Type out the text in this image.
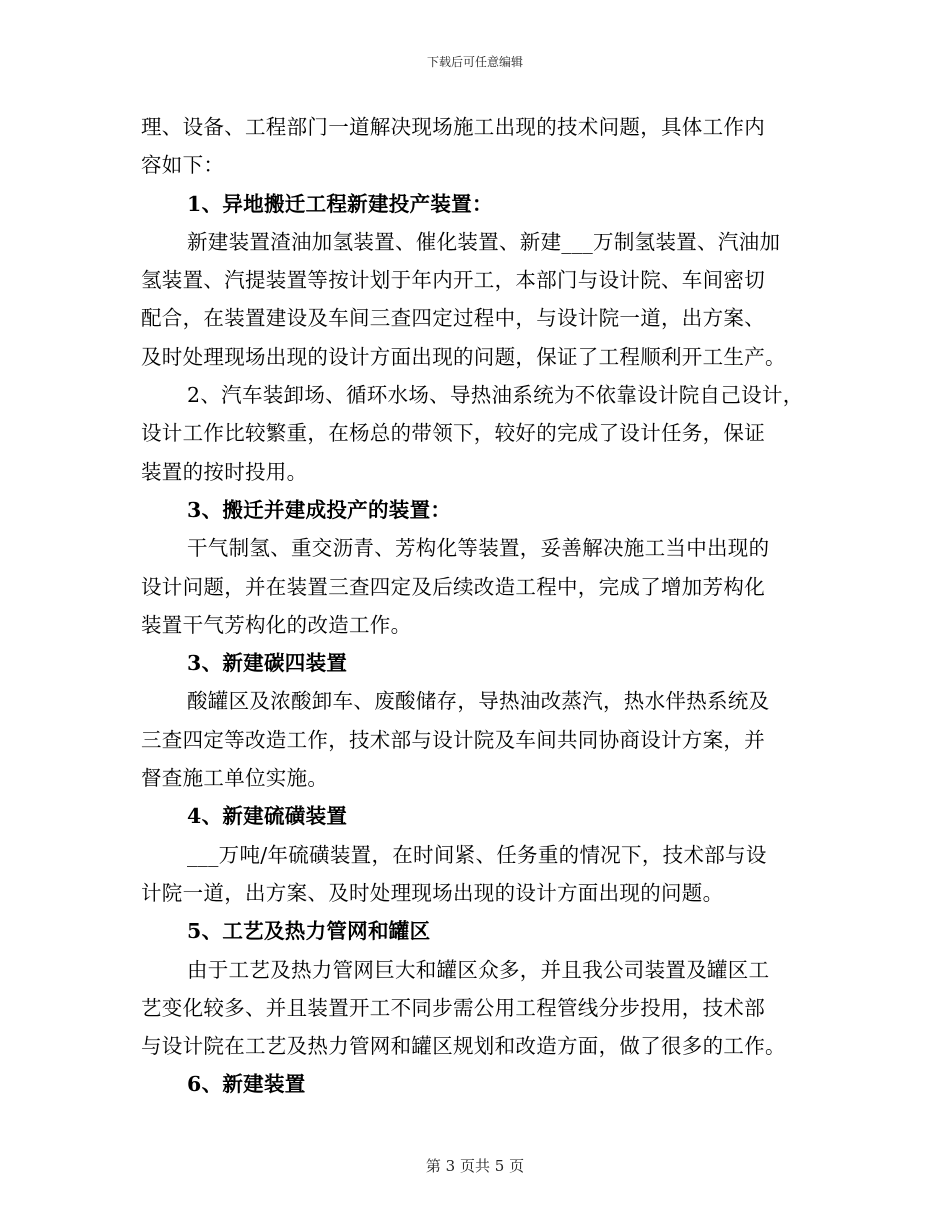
下载后可任意编辑
理、设备、工程部门一道解决现场施工出现的技术问题，具体工作内
容如下：
1、异地搬迁工程新建投产装置：
新建装置渣油加氢装置、催化装置、新建___万制氢装置、汽油加
氢装置、汽提装置等按计划于年内开工，本部门与设计院、车间密切
配合，在装置建设及车间三查四定过程中，与设计院一道，出方案、
及时处理现场出现的设计方面出现的问题，保证了工程顺利开工生产。
2、汽车装卸场、循环水场、导热油系统为不依靠设计院自己设计，
设计工作比较繁重，在杨总的带领下，较好的完成了设计任务，保证
装置的按时投用。
3、搬迁并建成投产的装置：
干气制氢、重交沥青、芳构化等装置，妥善解决施工当中出现的
设计问题，并在装置三查四定及后续改造工程中，完成了增加芳构化
装置干气芳构化的改造工作。
3、新建碳四装置
酸罐区及浓酸卸车、废酸储存，导热油改蒸汽，热水伴热系统及
三查四定等改造工作，技术部与设计院及车间共同协商设计方案，并
督查施工单位实施。
4、新建硫磺装置
___万吨/年硫磺装置，在时间紧、任务重的情况下，技术部与设
计院一道，出方案、及时处理现场出现的设计方面出现的问题。
5、工艺及热力管网和罐区
由于工艺及热力管网巨大和罐区众多，并且我公司装置及罐区工
艺变化较多、并且装置开工不同步需公用工程管线分步投用，技术部
与设计院在工艺及热力管网和罐区规划和改造方面，做了很多的工作。
6、新建装置
第 3 页共 5 页
